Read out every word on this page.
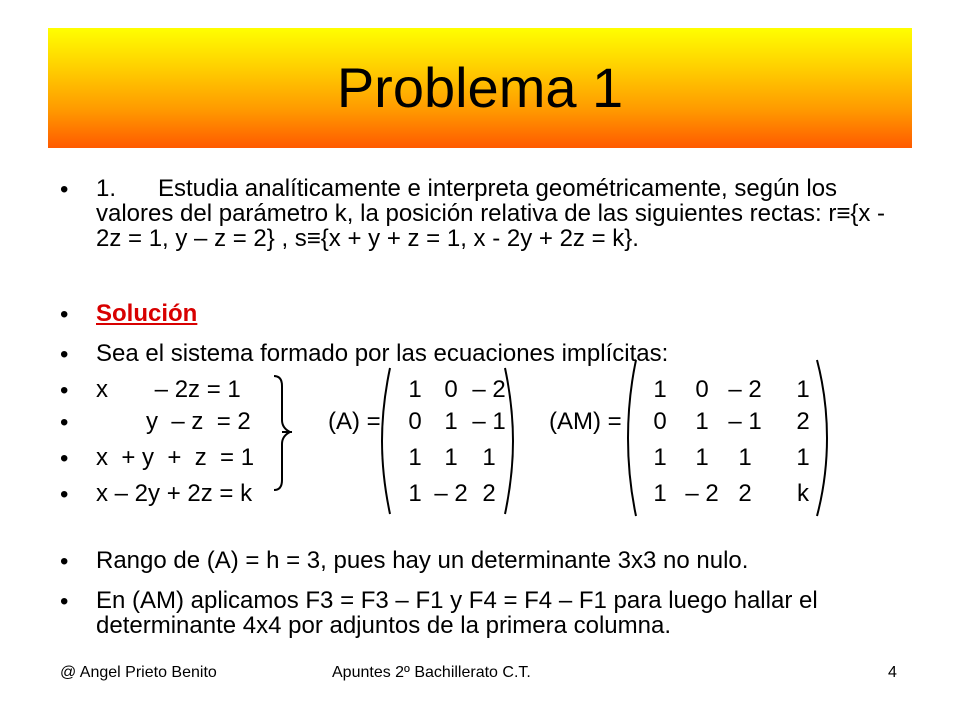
Problema 1
• 1.	Estudia analíticamente e interpreta geométricamente, según los valores del parámetro k, la posición relativa de las siguientes rectas: r≡{x - 2z = 1, y – z = 2} , s≡{x + y + z = 1, x - 2y + 2z = k}.
• Solución
• Sea el sistema formado por las ecuaciones implícitas:
• x       – 2z = 1
•	y  – z  = 2
• x  + y  +  z  = 1
• x – 2y + 2z = k
(A) =	(AM) =
1 0 – 2
0 1 – 1
1 1 1
1 – 2 2
1 0 – 2 1
0 1 – 1 2
1 1 1 1
1 – 2 2 k
• Rango de (A) = h = 3, pues hay un determinante 3x3 no nulo.
• En (AM) aplicamos F3 = F3 – F1 y F4 = F4 – F1 para luego hallar el determinante 4x4 por adjuntos de la primera columna.
@ Angel Prieto Benito	Apuntes 2º Bachillerato C.T.	4
